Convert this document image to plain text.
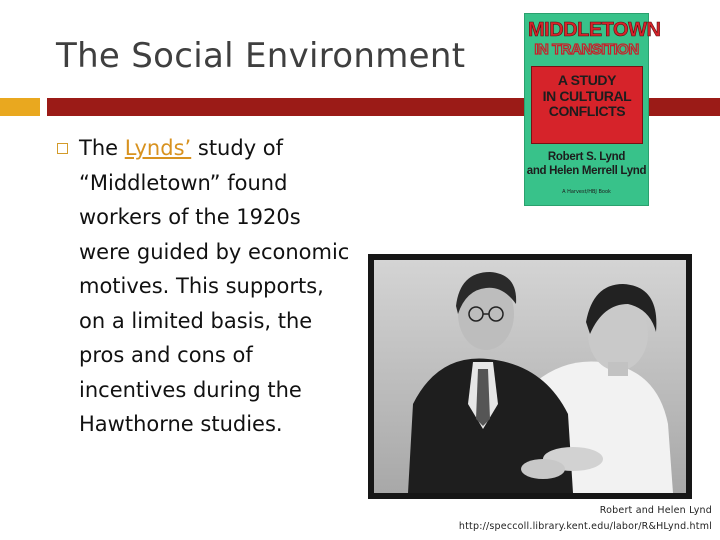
The Social Environment
The Lynds’ study of “Middletown” found workers of the 1920s were guided by economic motives. This supports, on a limited basis, the pros and cons of incentives during the Hawthorne studies.
MIDDLETOWN
IN TRANSITION
A STUDY
IN CULTURAL
CONFLICTS
Robert S. Lynd
and Helen Merrell Lynd
A Harvest/HBJ Book
Robert and Helen Lynd
http://speccoll.library.kent.edu/labor/R&HLynd.html
